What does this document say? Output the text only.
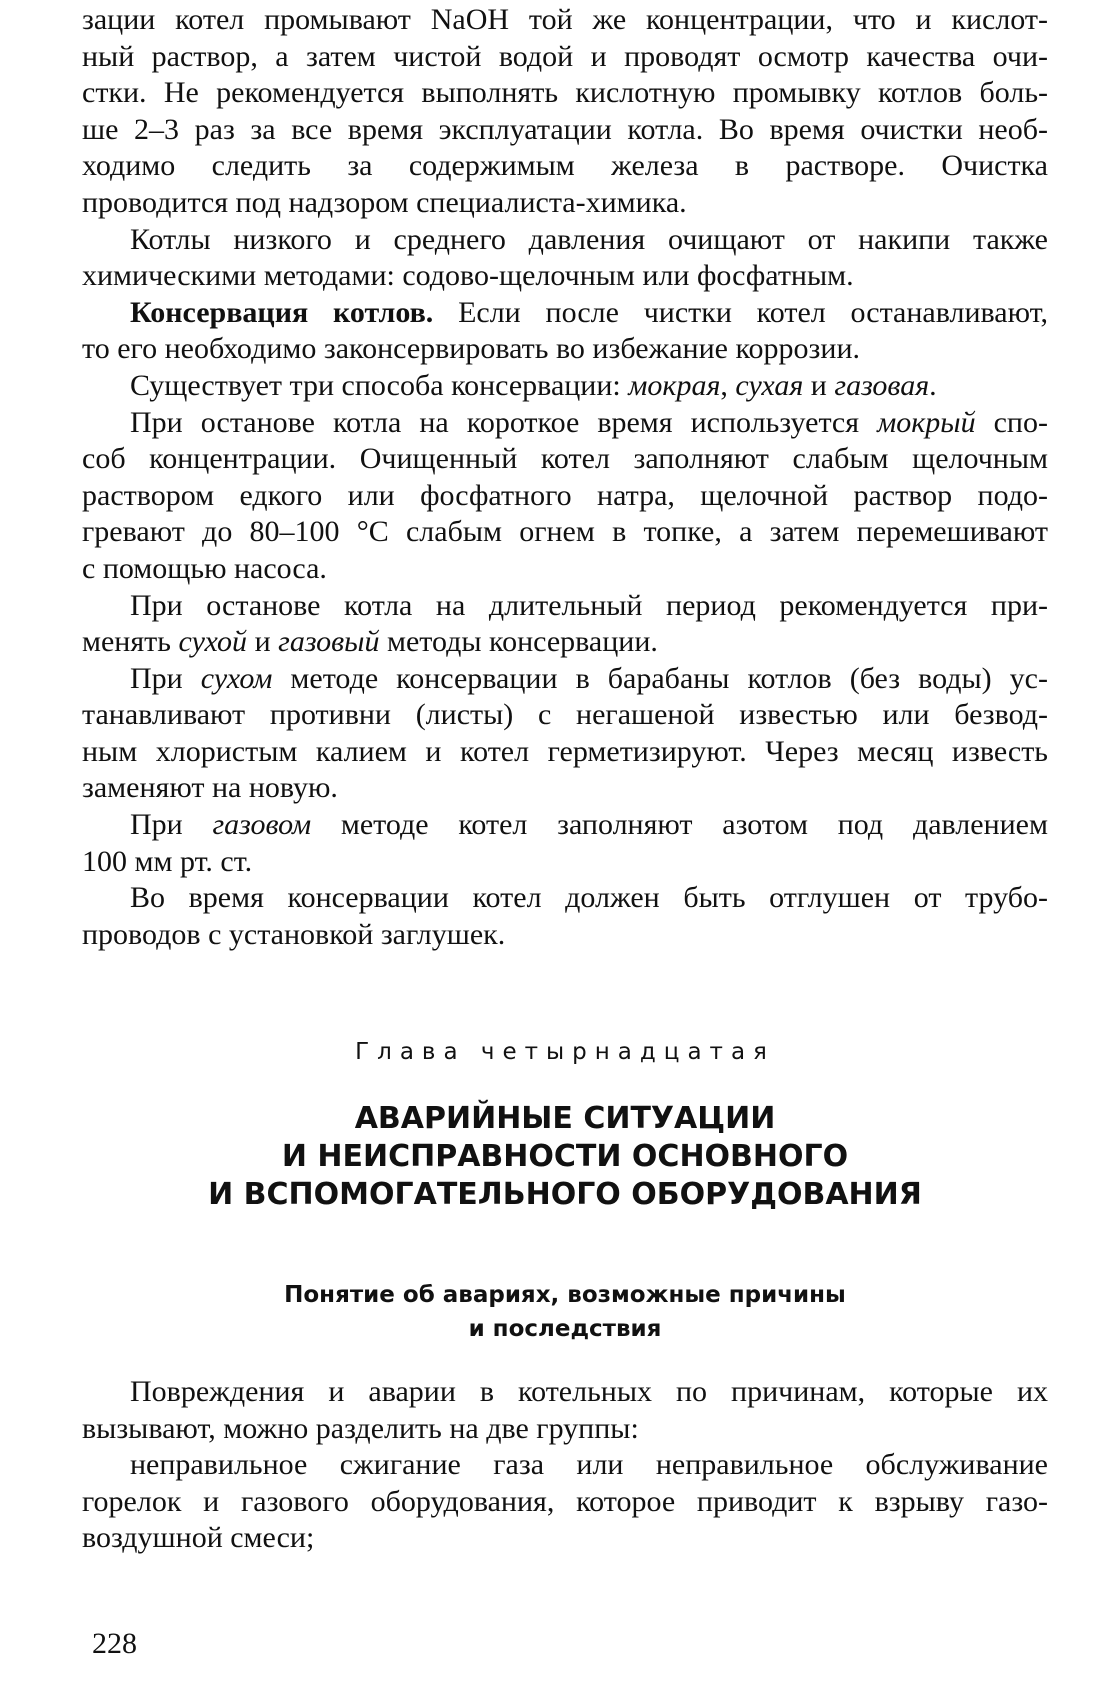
зации котел промывают NaOH той же концентрации, что и кислот-
ный раствор, а затем чистой водой и проводят осмотр качества очи-
стки. Не рекомендуется выполнять кислотную промывку котлов боль-
ше 2–3 раз за все время эксплуатации котла. Во время очистки необ-
ходимо следить за содержимым железа в растворе. Очистка
проводится под надзором специалиста-химика.
Котлы низкого и среднего давления очищают от накипи также
химическими методами: содово-щелочным или фосфатным.
Консервация котлов. Если после чистки котел останавливают,
то его необходимо законсервировать во избежание коррозии.
Существует три способа консервации: мокрая, сухая и газовая.
При останове котла на короткое время используется мокрый спо-
соб концентрации. Очищенный котел заполняют слабым щелочным
раствором едкого или фосфатного натра, щелочной раствор подо-
гревают до 80–100 °С слабым огнем в топке, а затем перемешивают
с помощью насоса.
При останове котла на длительный период рекомендуется при-
менять сухой и газовый методы консервации.
При сухом методе консервации в барабаны котлов (без воды) ус-
танавливают противни (листы) с негашеной известью или безвод-
ным хлористым калием и котел герметизируют. Через месяц известь
заменяют на новую.
При газовом методе котел заполняют азотом под давлением
100 мм рт. ст.
Во время консервации котел должен быть отглушен от трубо-
проводов с установкой заглушек.
Глава четырнадцатая
АВАРИЙНЫЕ СИТУАЦИИ
И НЕИСПРАВНОСТИ ОСНОВНОГО
И ВСПОМОГАТЕЛЬНОГО ОБОРУДОВАНИЯ
Понятие об авариях, возможные причины
и последствия
Повреждения и аварии в котельных по причинам, которые их
вызывают, можно разделить на две группы:
неправильное сжигание газа или неправильное обслуживание
горелок и газового оборудования, которое приводит к взрыву газо-
воздушной смеси;
228
